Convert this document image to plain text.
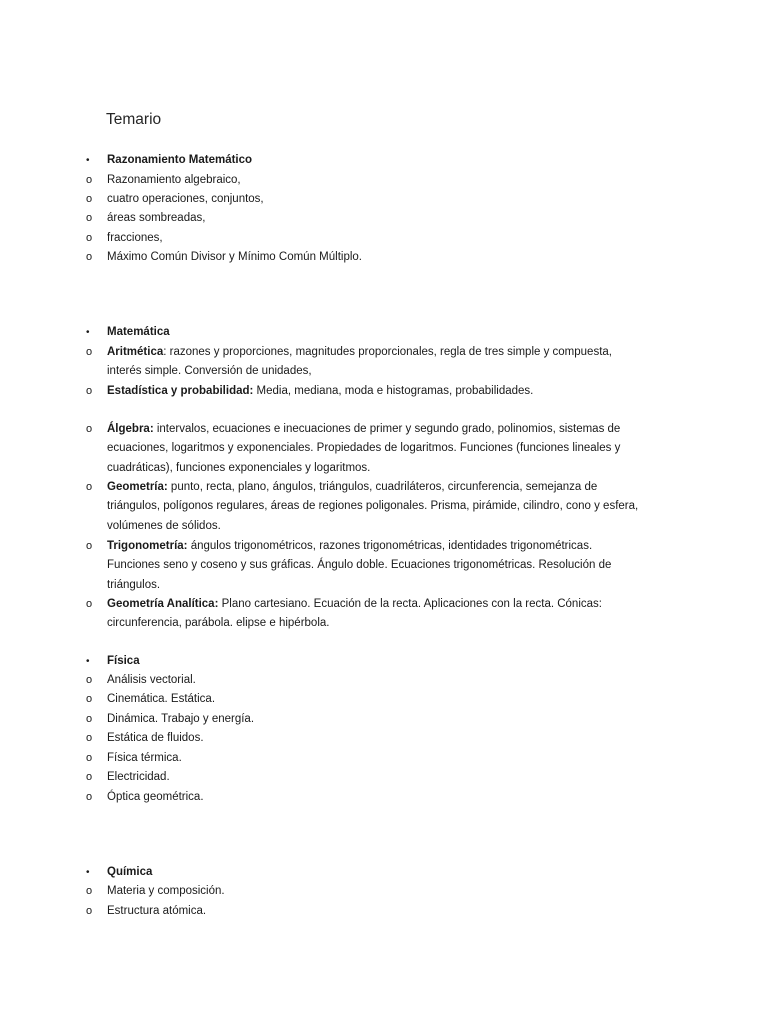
Temario
•	Razonamiento Matemático
o	Razonamiento algebraico,
o	cuatro operaciones, conjuntos,
o	áreas sombreadas,
o	fracciones,
o	Máximo Común Divisor y Mínimo Común Múltiplo.
•	Matemática
o	Aritmética: razones y proporciones, magnitudes proporcionales, regla de tres simple y compuesta,
interés simple. Conversión de unidades,
o	Estadística y probabilidad: Media, mediana, moda e histogramas, probabilidades.
o	Álgebra: intervalos, ecuaciones e inecuaciones de primer y segundo grado, polinomios, sistemas de
ecuaciones, logaritmos y exponenciales. Propiedades de logaritmos. Funciones (funciones lineales y
cuadráticas), funciones exponenciales y logaritmos.
o	Geometría: punto, recta, plano, ángulos, triángulos, cuadriláteros, circunferencia, semejanza de
triángulos, polígonos regulares, áreas de regiones poligonales. Prisma, pirámide, cilindro, cono y esfera,
volúmenes de sólidos.
o	Trigonometría: ángulos trigonométricos, razones trigonométricas, identidades trigonométricas.
Funciones seno y coseno y sus gráficas. Ángulo doble. Ecuaciones trigonométricas. Resolución de
triángulos.
o	Geometría Analítica: Plano cartesiano. Ecuación de la recta. Aplicaciones con la recta. Cónicas:
circunferencia, parábola. elipse e hipérbola.
•	Física
o	Análisis vectorial.
o	Cinemática. Estática.
o	Dinámica. Trabajo y energía.
o	Estática de fluidos.
o	Física térmica.
o	Electricidad.
o	Óptica geométrica.
•	Química
o	Materia y composición.
o	Estructura atómica.
